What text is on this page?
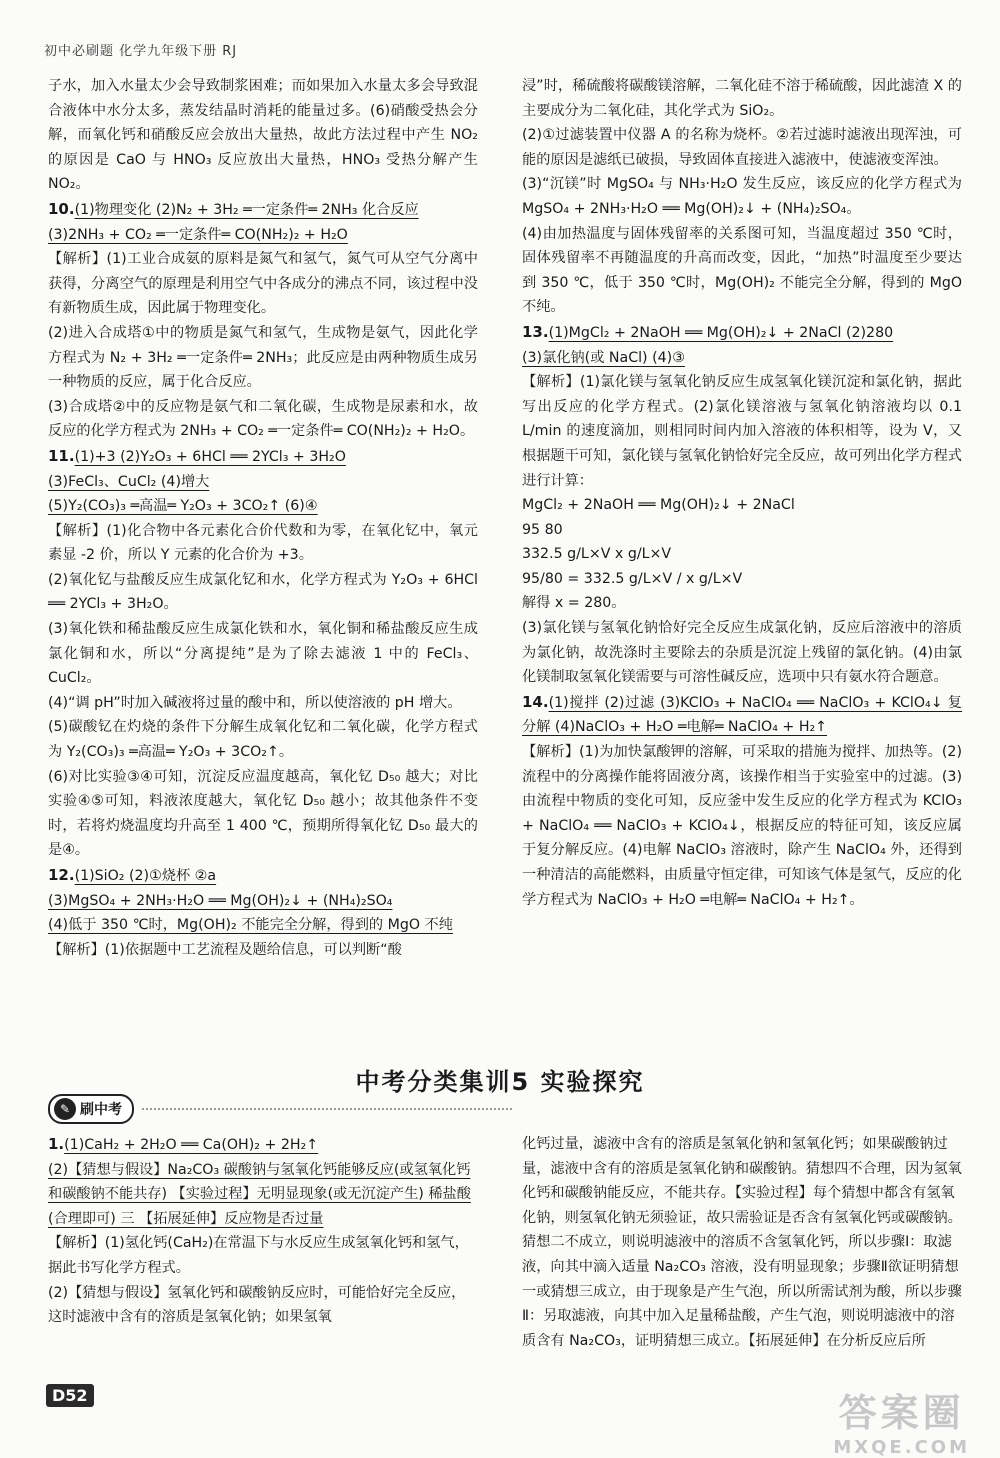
初中必刷题 化学九年级下册 RJ

子水，加入水量太少会导致制浆困难；而如果加入水量太多会导致混合液体中水分太多，蒸发结晶时消耗的能量过多。(6)硝酸受热会分解，而氧化钙和硝酸反应会放出大量热，故此方法过程中产生 NO₂ 的原因是 CaO 与 HNO₃ 反应放出大量热，HNO₃ 受热分解产生 NO₂。

10.(1)物理变化 (2)N₂ + 3H₂ ═一定条件═ 2NH₃ 化合反应

(3)2NH₃ + CO₂ ═一定条件═ CO(NH₂)₂ + H₂O

【解析】(1)工业合成氨的原料是氮气和氢气，氮气可从空气分离中获得，分离空气的原理是利用空气中各成分的沸点不同，该过程中没有新物质生成，因此属于物理变化。

(2)进入合成塔①中的物质是氮气和氢气，生成物是氨气，因此化学方程式为 N₂ + 3H₂ ═一定条件═ 2NH₃；此反应是由两种物质生成另一种物质的反应，属于化合反应。

(3)合成塔②中的反应物是氨气和二氧化碳，生成物是尿素和水，故反应的化学方程式为 2NH₃ + CO₂ ═一定条件═ CO(NH₂)₂ + H₂O。

11.(1)+3 (2)Y₂O₃ + 6HCl ══ 2YCl₃ + 3H₂O

(3)FeCl₃、CuCl₂ (4)增大

(5)Y₂(CO₃)₃ ═高温═ Y₂O₃ + 3CO₂↑ (6)④

【解析】(1)化合物中各元素化合价代数和为零，在氧化钇中，氧元素显 -2 价，所以 Y 元素的化合价为 +3。

(2)氧化钇与盐酸反应生成氯化钇和水，化学方程式为 Y₂O₃ + 6HCl ══ 2YCl₃ + 3H₂O。

(3)氧化铁和稀盐酸反应生成氯化铁和水，氧化铜和稀盐酸反应生成氯化铜和水，所以“分离提纯”是为了除去滤液 1 中的 FeCl₃、CuCl₂。

(4)“调 pH”时加入碱液将过量的酸中和，所以使溶液的 pH 增大。

(5)碳酸钇在灼烧的条件下分解生成氧化钇和二氧化碳，化学方程式为 Y₂(CO₃)₃ ═高温═ Y₂O₃ + 3CO₂↑。

(6)对比实验③④可知，沉淀反应温度越高，氧化钇 D₅₀ 越大；对比实验④⑤可知，料液浓度越大，氧化钇 D₅₀ 越小；故其他条件不变时，若将灼烧温度均升高至 1 400 ℃，预期所得氧化钇 D₅₀ 最大的是④。

12.(1)SiO₂ (2)①烧杯 ②a

(3)MgSO₄ + 2NH₃·H₂O ══ Mg(OH)₂↓ + (NH₄)₂SO₄

(4)低于 350 ℃时，Mg(OH)₂ 不能完全分解，得到的 MgO 不纯

【解析】(1)依据题中工艺流程及题给信息，可以判断“酸

浸”时，稀硫酸将碳酸镁溶解，二氧化硅不溶于稀硫酸，因此滤渣 X 的主要成分为二氧化硅，其化学式为 SiO₂。

(2)①过滤装置中仪器 A 的名称为烧杯。②若过滤时滤液出现浑浊，可能的原因是滤纸已破损，导致固体直接进入滤液中，使滤液变浑浊。

(3)“沉镁”时 MgSO₄ 与 NH₃·H₂O 发生反应，该反应的化学方程式为 MgSO₄ + 2NH₃·H₂O ══ Mg(OH)₂↓ + (NH₄)₂SO₄。

(4)由加热温度与固体残留率的关系图可知，当温度超过 350 ℃时，固体残留率不再随温度的升高而改变，因此，“加热”时温度至少要达到 350 ℃，低于 350 ℃时，Mg(OH)₂ 不能完全分解，得到的 MgO 不纯。

13.(1)MgCl₂ + 2NaOH ══ Mg(OH)₂↓ + 2NaCl (2)280

(3)氯化钠(或 NaCl) (4)③

【解析】(1)氯化镁与氢氧化钠反应生成氢氧化镁沉淀和氯化钠，据此写出反应的化学方程式。(2)氯化镁溶液与氢氧化钠溶液均以 0.1 L/min 的速度滴加，则相同时间内加入溶液的体积相等，设为 V，又根据题干可知，氯化镁与氢氧化钠恰好完全反应，故可列出化学方程式进行计算：

MgCl₂ + 2NaOH ══ Mg(OH)₂↓ + 2NaCl

95 80

332.5 g/L×V x g/L×V

95/80 = 332.5 g/L×V / x g/L×V

解得 x = 280。

(3)氯化镁与氢氧化钠恰好完全反应生成氯化钠，反应后溶液中的溶质为氯化钠，故洗涤时主要除去的杂质是沉淀上残留的氯化钠。(4)由氯化镁制取氢氧化镁需要与可溶性碱反应，选项中只有氨水符合题意。

14.(1)搅拌 (2)过滤 (3)KClO₃ + NaClO₄ ══ NaClO₃ + KClO₄↓ 复分解 (4)NaClO₃ + H₂O ═电解═ NaClO₄ + H₂↑

【解析】(1)为加快氯酸钾的溶解，可采取的措施为搅拌、加热等。(2)流程中的分离操作能将固液分离，该操作相当于实验室中的过滤。(3)由流程中物质的变化可知，反应釜中发生反应的化学方程式为 KClO₃ + NaClO₄ ══ NaClO₃ + KClO₄↓，根据反应的特征可知，该反应属于复分解反应。(4)电解 NaClO₃ 溶液时，除产生 NaClO₄ 外，还得到一种清洁的高能燃料，由质量守恒定律，可知该气体是氢气，反应的化学方程式为 NaClO₃ + H₂O ═电解═ NaClO₄ + H₂↑。

中考分类集训5 实验探究
✎ 刷中考

1.(1)CaH₂ + 2H₂O ══ Ca(OH)₂ + 2H₂↑

(2)【猜想与假设】Na₂CO₃ 碳酸钠与氢氧化钙能够反应(或氢氧化钙和碳酸钠不能共存) 【实验过程】无明显现象(或无沉淀产生) 稀盐酸(合理即可) 三 【拓展延伸】反应物是否过量

【解析】(1)氢化钙(CaH₂)在常温下与水反应生成氢氧化钙和氢气，据此书写化学方程式。

(2)【猜想与假设】氢氧化钙和碳酸钠反应时，可能恰好完全反应，这时滤液中含有的溶质是氢氧化钠；如果氢氧

化钙过量，滤液中含有的溶质是氢氧化钠和氢氧化钙；如果碳酸钠过量，滤液中含有的溶质是氢氧化钠和碳酸钠。猜想四不合理，因为氢氧化钙和碳酸钠能反应，不能共存。【实验过程】每个猜想中都含有氢氧化钠，则氢氧化钠无须验证，故只需验证是否含有氢氧化钙或碳酸钠。猜想二不成立，则说明滤液中的溶质不含氢氧化钙，所以步骤Ⅰ：取滤液，向其中滴入适量 Na₂CO₃ 溶液，没有明显现象；步骤Ⅱ欲证明猜想一或猜想三成立，由于现象是产生气泡，所以所需试剂为酸，所以步骤Ⅱ：另取滤液，向其中加入足量稀盐酸，产生气泡，则说明滤液中的溶质含有 Na₂CO₃，证明猜想三成立。【拓展延伸】在分析反应后所

D52	答案圈
MXQE.COM
